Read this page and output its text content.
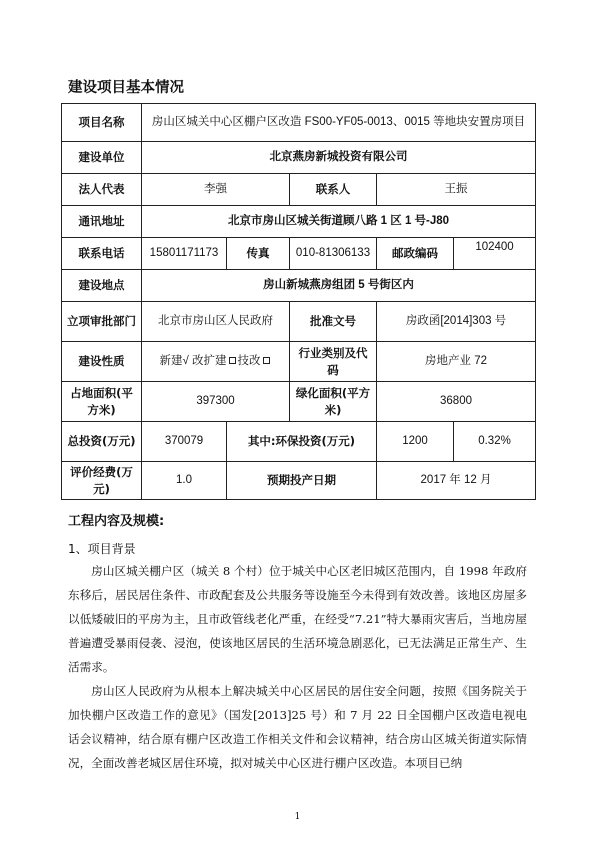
建设项目基本情况
项目名称	房山区城关中心区棚户区改造 FS00-YF05-0013、0015 等地块安置房项目				
建设单位	北京燕房新城投资有限公司				
法人代表	李强		联系人	王振	
通讯地址	北京市房山区城关街道顾八路 1 区 1 号-J80				
联系电话	15801171173	传真	010-81306133	邮政编码	102400
建设地点	房山新城燕房组团 5 号街区内				
立项审批部门	北京市房山区人民政府		批准文号	房政函[2014]303 号	
建设性质	新建√ 改扩建 技改		行业类别及代码	房地产业 72	
占地面积(平方米)	397300		绿化面积(平方米)	36800	
总投资(万元)	370079	其中:环保投资(万元)		1200	0.32%
评价经费(万元)	1.0	预期投产日期		2017 年 12 月	
工程内容及规模:
1、项目背景

房山区城关棚户区（城关 8 个村）位于城关中心区老旧城区范围内，自 1998 年政府东移后，居民居住条件、市政配套及公共服务等设施至今未得到有效改善。该地区房屋多以低矮破旧的平房为主，且市政管线老化严重，在经受“7.21”特大暴雨灾害后，当地房屋普遍遭受暴雨侵袭、浸泡，使该地区居民的生活环境急剧恶化，已无法满足正常生产、生活需求。

房山区人民政府为从根本上解决城关中心区居民的居住安全问题，按照《国务院关于加快棚户区改造工作的意见》（国发[2013]25 号）和 7 月 22 日全国棚户区改造电视电话会议精神，结合原有棚户区改造工作相关文件和会议精神，结合房山区城关街道实际情况，全面改善老城区居住环境，拟对城关中心区进行棚户区改造。本项目已纳

1
